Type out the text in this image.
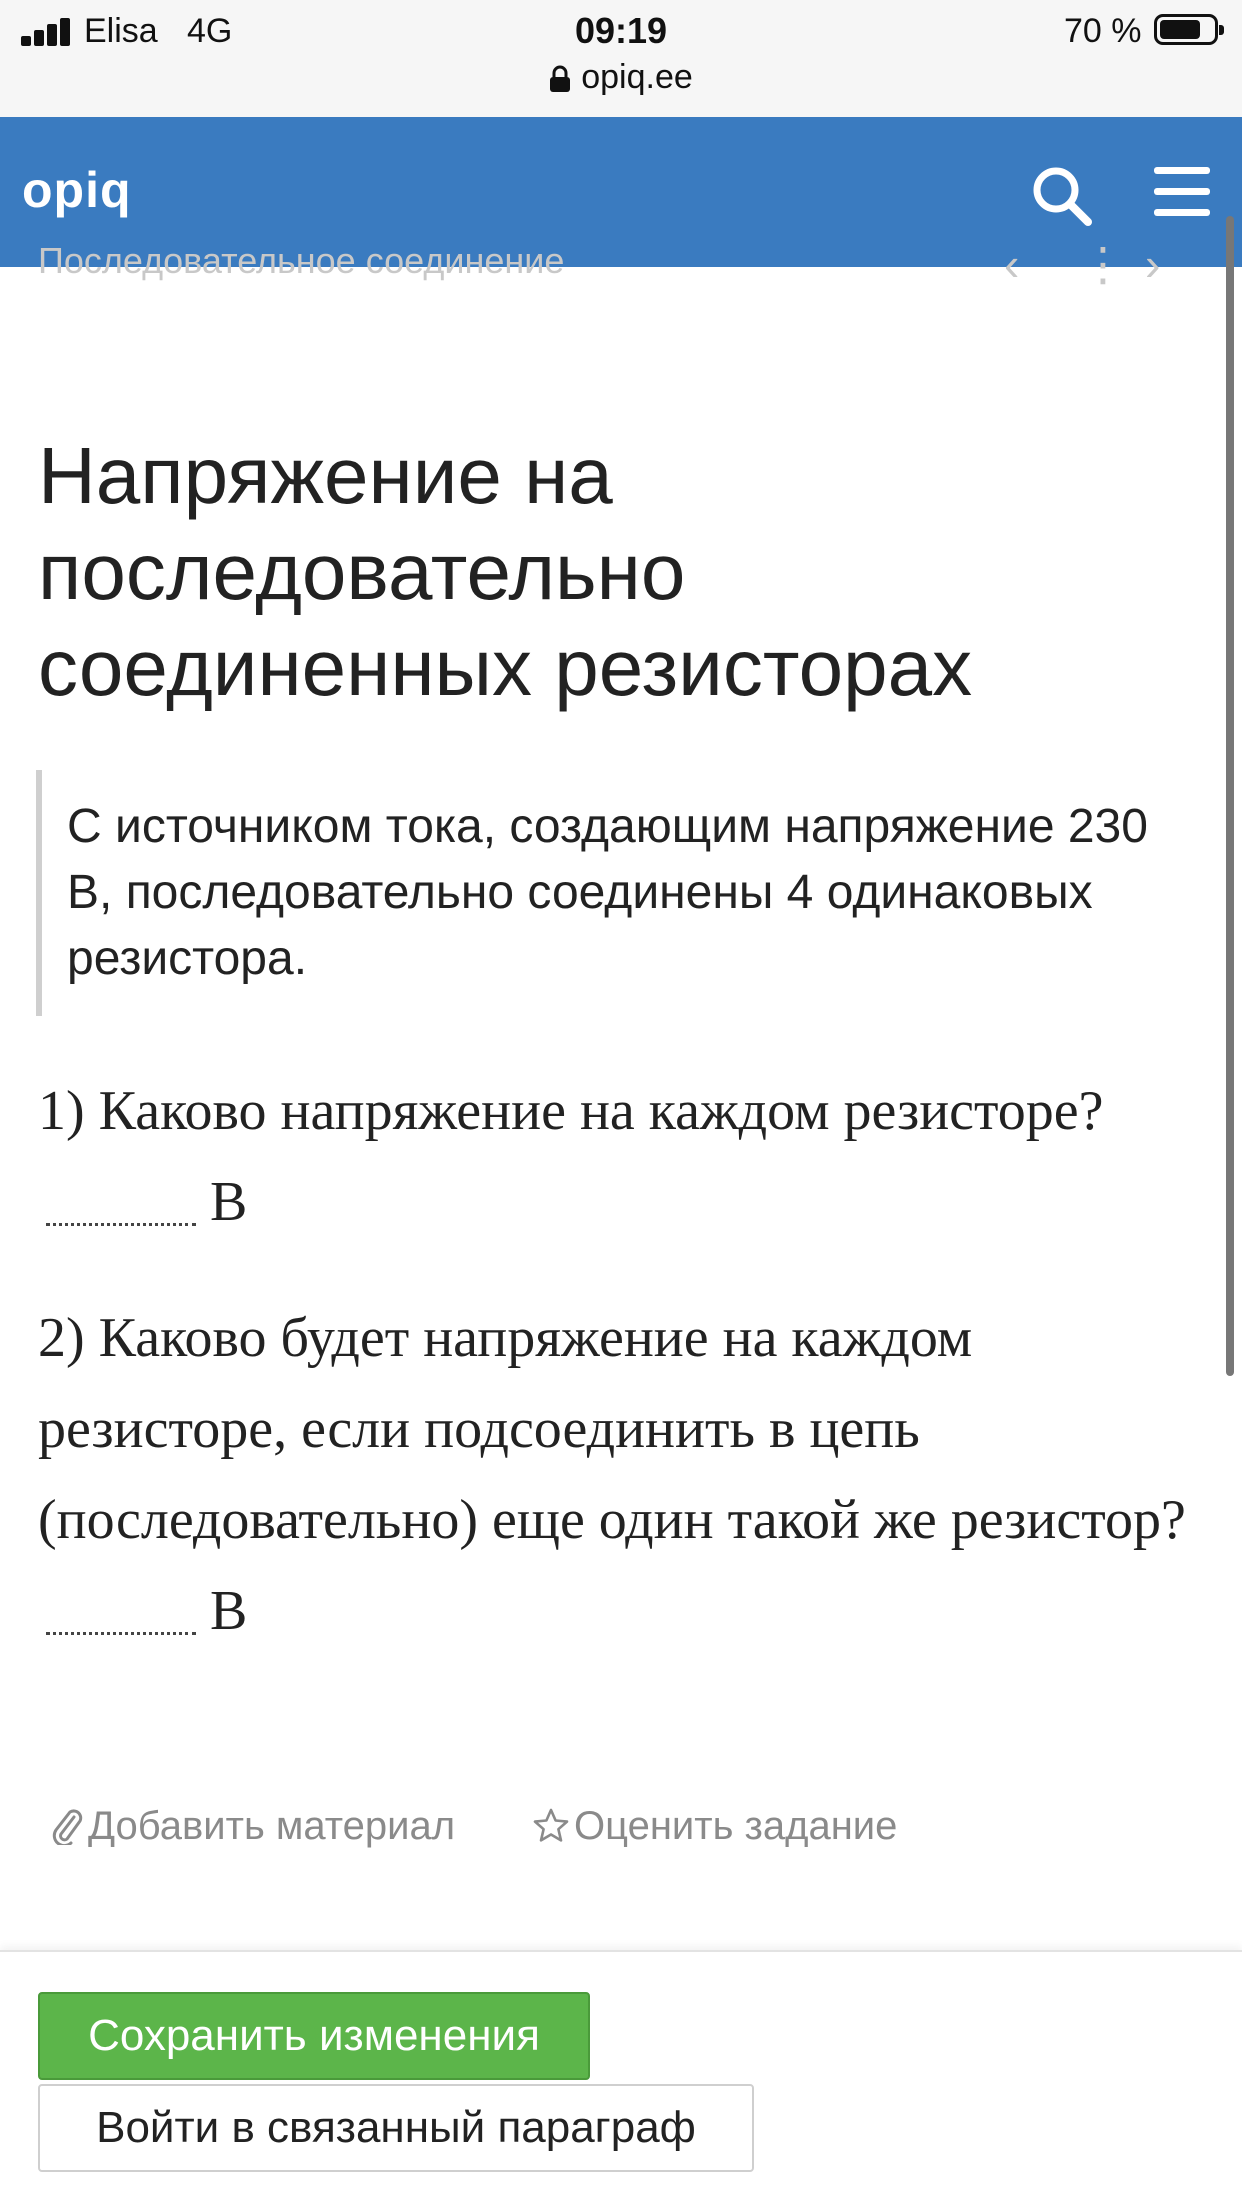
Elisa 4G	09:19	70 %
opiq.ee
opiq
Последовательное соединение	‹	⋮ ›
Напряжение на последовательно соединенных резисторах
С источником тока, создающим напряжение 230 В, последовательно соединены 4 одинаковых резистора.
1) Каково напряжение на каждом резисторе? В
2) Каково будет напряжение на каждом резисторе, если подсоединить в цепь (последовательно) еще один такой же резистор? В
Добавить материал	Оценить задание
Сохранить изменения
Войти в связанный параграф
